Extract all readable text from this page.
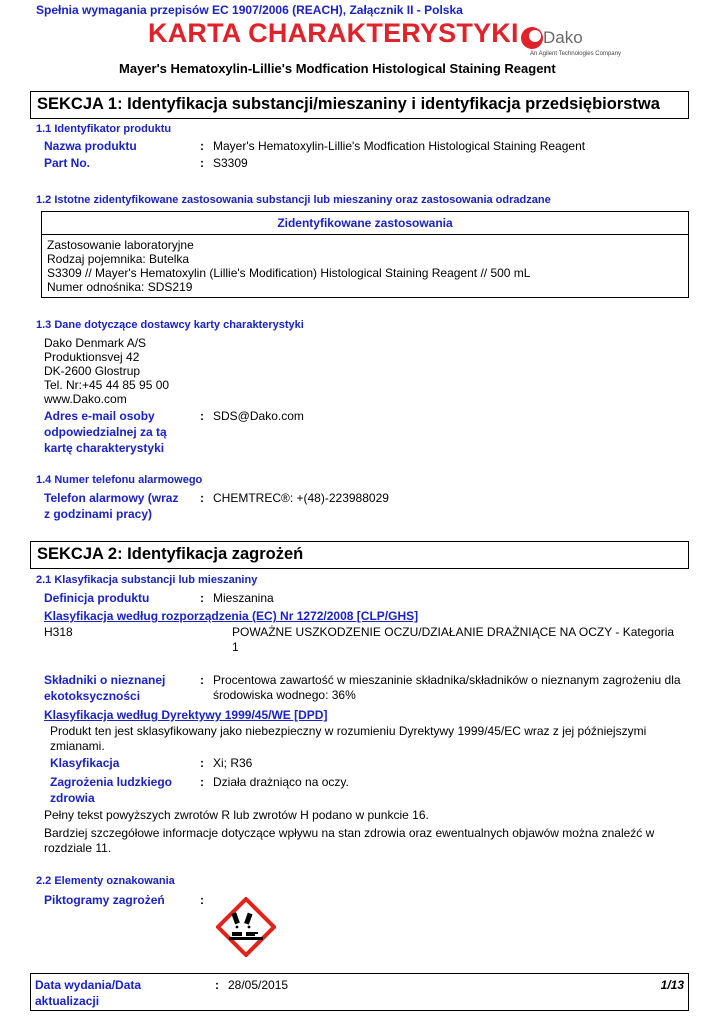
Spełnia wymagania przepisów EC 1907/2006 (REACH), Załącznik II - Polska
KARTA CHARAKTERYSTYKI Dako
An Agilent Technologies Company
Mayer's Hematoxylin-Lillie's Modfication Histological Staining Reagent
SEKCJA 1: Identyfikacja substancji/mieszaniny i identyfikacja przedsiębiorstwa
1.1 Identyfikator produktu
Nazwa produktu	: Mayer's Hematoxylin-Lillie's Modfication Histological Staining Reagent
Part No.	: S3309
1.2 Istotne zidentyfikowane zastosowania substancji lub mieszaniny oraz zastosowania odradzane
Zidentyfikowane zastosowania
Zastosowanie laboratoryjne
Rodzaj pojemnika: Butelka
S3309 // Mayer's Hematoxylin (Lillie's Modification) Histological Staining Reagent // 500 mL
Numer odnośnika: SDS219
1.3 Dane dotyczące dostawcy karty charakterystyki
Dako Denmark A/S
Produktionsvej 42
DK-2600 Glostrup
Tel. Nr:+45 44 85 95 00
www.Dako.com
Adres e-mail osoby
odpowiedzialnej za tą
kartę charakterystyki
: SDS@Dako.com
1.4 Numer telefonu alarmowego
Telefon alarmowy (wraz
z godzinami pracy)
: CHEMTREC®: +(48)-223988029
SEKCJA 2: Identyfikacja zagrożeń
2.1 Klasyfikacja substancji lub mieszaniny
Definicja produktu	: Mieszanina
Klasyfikacja według rozporządzenia (EC) Nr 1272/2008 [CLP/GHS]
H318	POWAŻNE USZKODZENIE OCZU/DZIAŁANIE DRAŻNIĄCE NA OCZY - Kategoria
1
Składniki o nieznanej
ekotoksyczności
: Procentowa zawartość w mieszaninie składnika/składników o nieznanym zagrożeniu dla
środowiska wodnego: 36%
Klasyfikacja według Dyrektywy 1999/45/WE [DPD]
Produkt ten jest sklasyfikowany jako niebezpieczny w rozumieniu Dyrektywy 1999/45/EC wraz z jej późniejszymi
zmianami.
Klasyfikacja	: Xi; R36
Zagrożenia ludzkiego
zdrowia
: Działa drażniąco na oczy.
Pełny tekst powyższych zwrotów R lub zwrotów H podano w punkcie 16.
Bardziej szczegółowe informacje dotyczące wpływu na stan zdrowia oraz ewentualnych objawów można znaleźć w
rozdziale 11.
2.2 Elementy oznakowania
Piktogramy zagrożeń	:
Data wydania/Data
aktualizacji
: 28/05/2015	1/13
